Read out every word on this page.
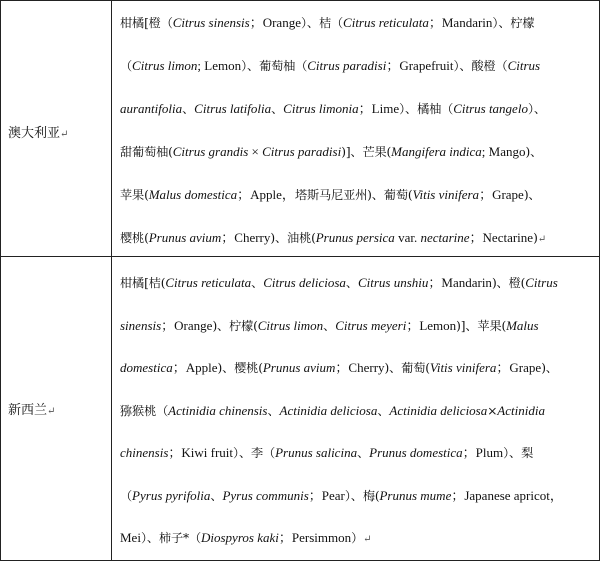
澳大利亚↵
柑橘[橙（Citrus sinensis；Orange）、桔（Citrus reticulata；Mandarin）、柠檬
（Citrus limon; Lemon）、葡萄柚（Citrus paradisi；Grapefruit）、酸橙（Citrus
aurantifolia、Citrus latifolia、Citrus limonia；Lime）、橘柚（Citrus tangelo）、
甜葡萄柚(Citrus grandis × Citrus paradisi)]、芒果(Mangifera indica; Mango)、
苹果(Malus domestica；Apple，塔斯马尼亚州)、葡萄(Vitis vinifera；Grape)、
樱桃(Prunus avium；Cherry)、油桃(Prunus persica var. nectarine；Nectarine)↵
新西兰↵
柑橘[桔(Citrus reticulata、Citrus deliciosa、Citrus unshiu；Mandarin)、橙(Citrus
sinensis；Orange)、柠檬(Citrus limon、Citrus meyeri；Lemon)]、苹果(Malus
domestica；Apple)、樱桃(Prunus avium；Cherry)、葡萄(Vitis vinifera；Grape)、
猕猴桃（Actinidia chinensis、Actinidia deliciosa、Actinidia deliciosa×Actinidia
chinensis；Kiwi fruit）、李（Prunus salicina、Prunus domestica；Plum）、梨
（Pyrus pyrifolia、Pyrus communis；Pear）、梅(Prunus mume；Japanese apricot，
Mei）、柿子*（Diospyros kaki；Persimmon）↵
